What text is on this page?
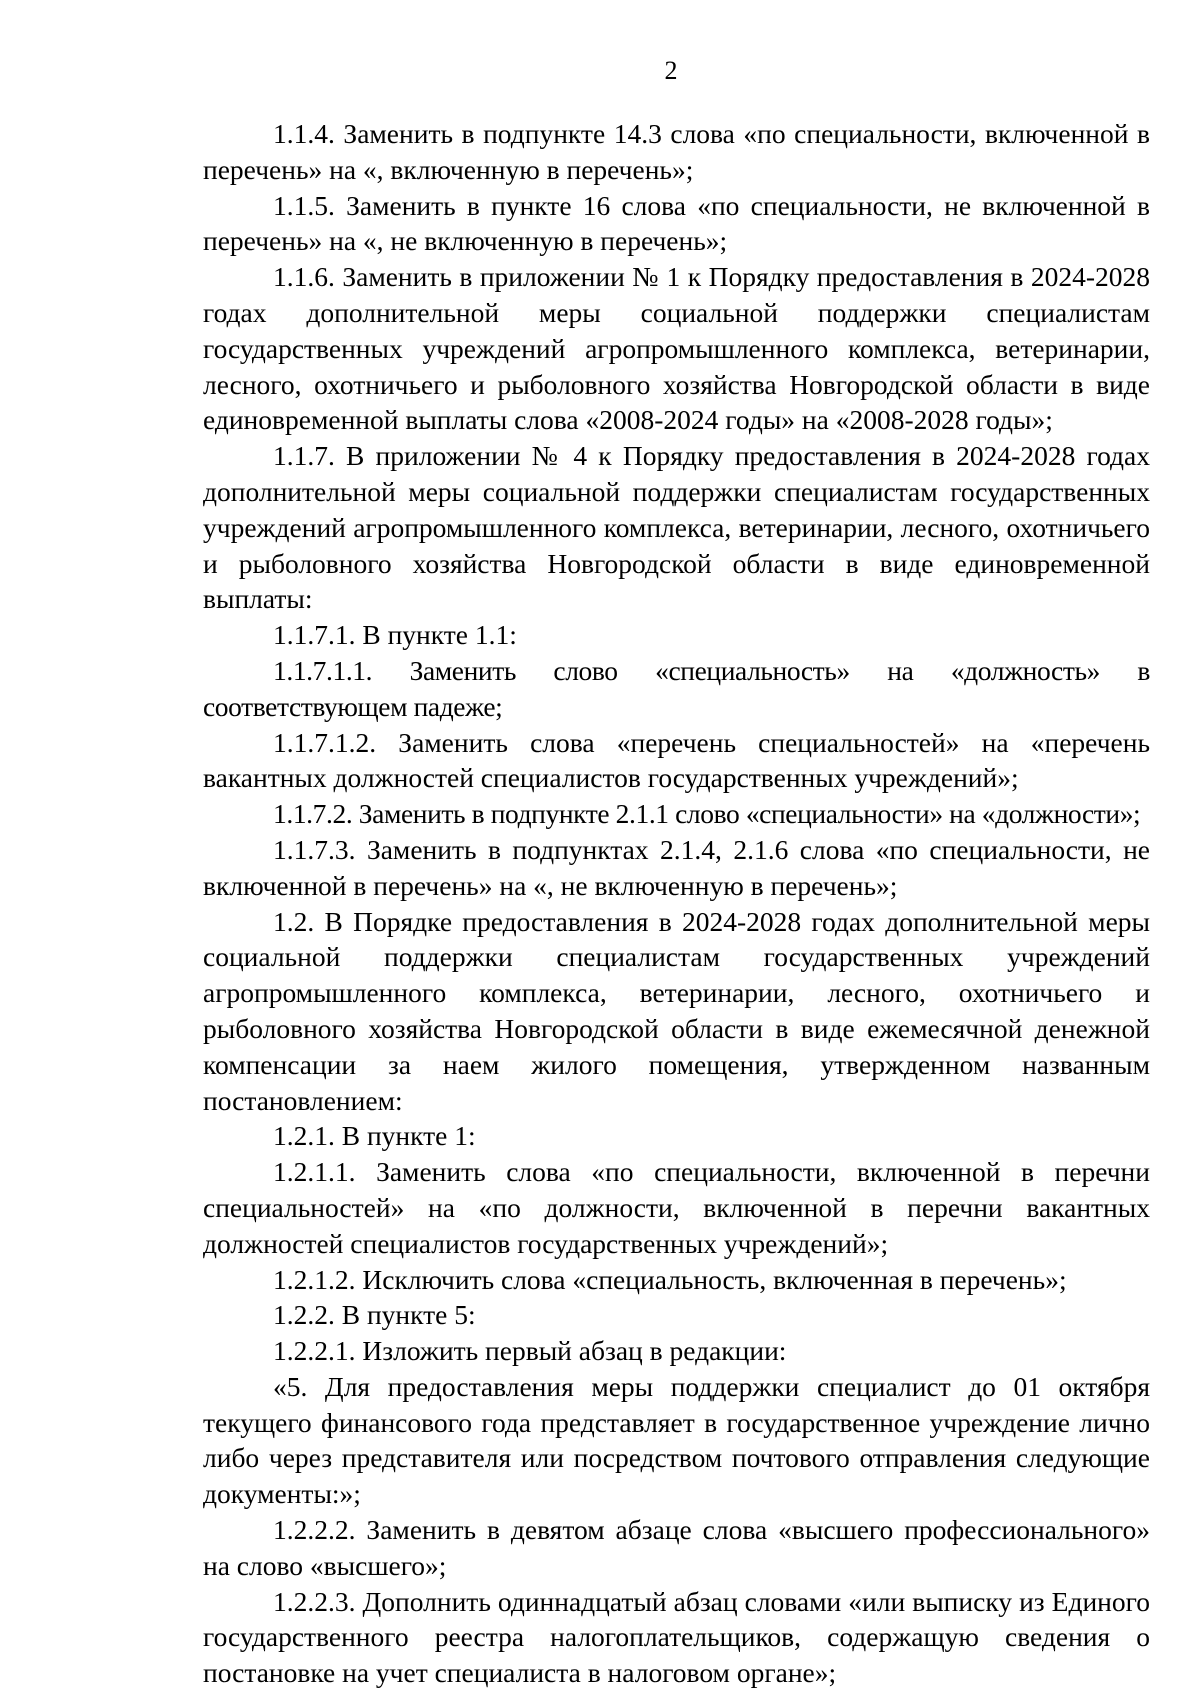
2

1.1.4. Заменить в подпункте 14.3 слова «по специальности, включенной в перечень» на «, включенную в перечень»;

1.1.5. Заменить в пункте 16 слова «по специальности, не включенной в перечень» на «, не включенную в перечень»;

1.1.6. Заменить в приложении № 1 к Порядку предоставления в 2024-2028 годах дополнительной меры социальной поддержки специалистам государственных учреждений агропромышленного комплекса, ветеринарии, лесного, охотничьего и рыболовного хозяйства Новгородской области в виде единовременной выплаты слова «2008-2024 годы» на «2008-2028 годы»;

1.1.7. В приложении № 4 к Порядку предоставления в 2024-2028 годах дополнительной меры социальной поддержки специалистам государственных учреждений агропромышленного комплекса, ветеринарии, лесного, охотничьего и рыболовного хозяйства Новгородской области в виде единовременной выплаты:

1.1.7.1. В пункте 1.1:

1.1.7.1.1. Заменить слово «специальность» на «должность» в соответствующем падеже;

1.1.7.1.2. Заменить слова «перечень специальностей» на «перечень вакантных должностей специалистов государственных учреждений»;

1.1.7.2. Заменить в подпункте 2.1.1 слово «специальности» на «должности»;

1.1.7.3. Заменить в подпунктах 2.1.4, 2.1.6 слова «по специальности, не включенной в перечень» на «, не включенную в перечень»;

1.2. В Порядке предоставления в 2024-2028 годах дополнительной меры социальной поддержки специалистам государственных учреждений агропромышленного комплекса, ветеринарии, лесного, охотничьего и рыболовного хозяйства Новгородской области в виде ежемесячной денежной компенсации за наем жилого помещения, утвержденном названным постановлением:

1.2.1. В пункте 1:

1.2.1.1. Заменить слова «по специальности, включенной в перечни специальностей» на «по должности, включенной в перечни вакантных должностей специалистов государственных учреждений»;

1.2.1.2. Исключить слова «специальность, включенная в перечень»;

1.2.2. В пункте 5:

1.2.2.1. Изложить первый абзац в редакции:

«5. Для предоставления меры поддержки специалист до 01 октября текущего финансового года представляет в государственное учреждение лично либо через представителя или посредством почтового отправления следующие документы:»;

1.2.2.2. Заменить в девятом абзаце слова «высшего профессионального» на слово «высшего»;

1.2.2.3. Дополнить одиннадцатый абзац словами «или выписку из Единого государственного реестра налогоплательщиков, содержащую сведения о постановке на учет специалиста в налоговом органе»;
